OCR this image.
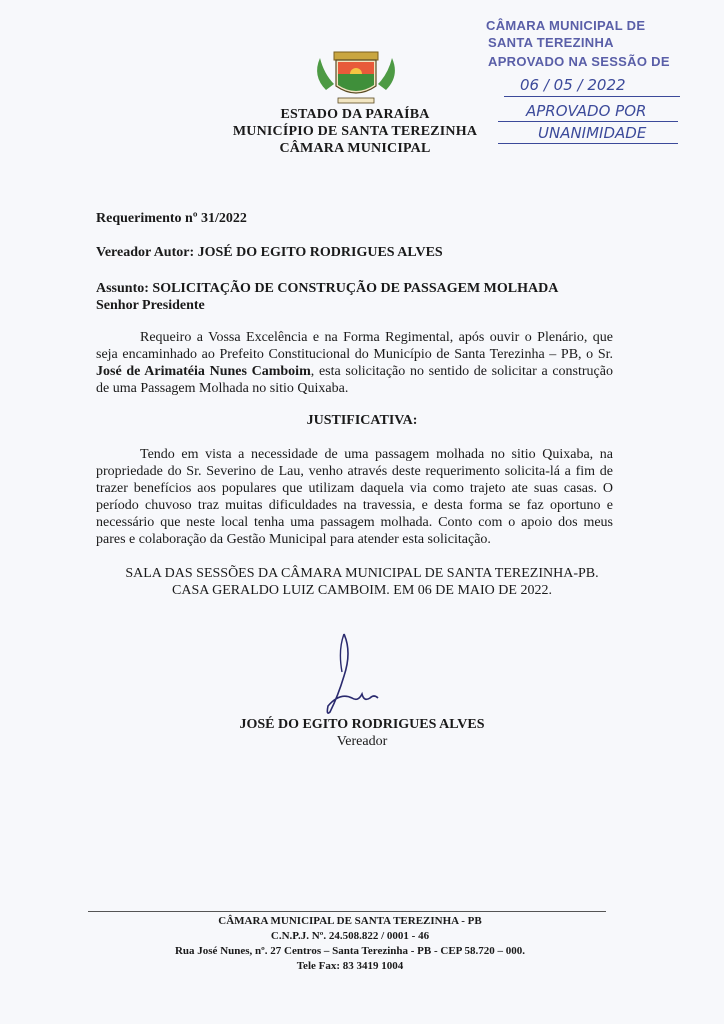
ESTADO DA PARAÍBA
MUNICÍPIO DE SANTA TEREZINHA
CÂMARA MUNICIPAL
CÂMARA MUNICIPAL DE
SANTA TEREZINHA
APROVADO NA SESSÃO DE
06 / 05 / 2022
APROVADO POR
UNANIMIDADE
Requerimento nº 31/2022
Vereador Autor: JOSÉ DO EGITO RODRIGUES ALVES
Assunto: SOLICITAÇÃO DE CONSTRUÇÃO DE PASSAGEM MOLHADA
Senhor Presidente
Requeiro a Vossa Excelência e na Forma Regimental, após ouvir o Plenário, que seja encaminhado ao Prefeito Constitucional do Município de Santa Terezinha – PB, o Sr. José de Arimatéia Nunes Camboim, esta solicitação no sentido de solicitar a construção de uma Passagem Molhada no sitio Quixaba.
JUSTIFICATIVA:
Tendo em vista a necessidade de uma passagem molhada no sitio Quixaba, na propriedade do Sr. Severino de Lau, venho através deste requerimento solicita-lá a fim de trazer benefícios aos populares que utilizam daquela via como trajeto ate suas casas. O período chuvoso traz muitas dificuldades na travessia, e desta forma se faz oportuno e necessário que neste local tenha uma passagem molhada. Conto com o apoio dos meus pares e colaboração da Gestão Municipal para atender esta solicitação.
SALA DAS SESSÕES DA CÂMARA MUNICIPAL DE SANTA TEREZINHA-PB.
CASA GERALDO LUIZ CAMBOIM. EM 06 DE MAIO DE 2022.
JOSÉ DO EGITO RODRIGUES ALVES
Vereador
CÂMARA MUNICIPAL DE SANTA TEREZINHA - PB
C.N.P.J. Nº. 24.508.822 / 0001 - 46
Rua José Nunes, nº. 27 Centros – Santa Terezinha - PB - CEP 58.720 – 000.
Tele Fax: 83 3419 1004
